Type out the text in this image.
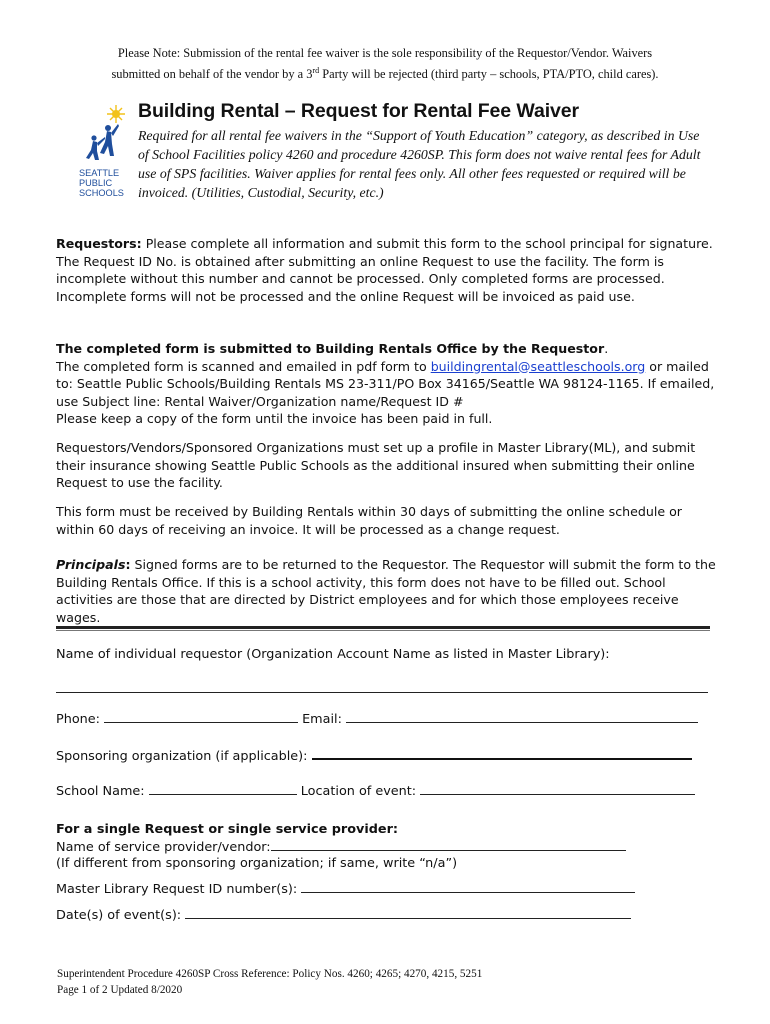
Please Note: Submission of the rental fee waiver is the sole responsibility of the Requestor/Vendor. Waivers
submitted on behalf of the vendor by a 3rd Party will be rejected (third party – schools, PTA/PTO, child cares).
SEATTLE
PUBLIC
SCHOOLS
Building Rental – Request for Rental Fee Waiver
Required for all rental fee waivers in the “Support of Youth Education” category, as described in Use of School Facilities policy 4260 and procedure 4260SP. This form does not waive rental fees for Adult use of SPS facilities. Waiver applies for rental fees only. All other fees requested or required will be invoiced. (Utilities, Custodial, Security, etc.)
Requestors: Please complete all information and submit this form to the school principal for signature. The Request ID No. is obtained after submitting an online Request to use the facility. The form is incomplete without this number and cannot be processed. Only completed forms are processed. Incomplete forms will not be processed and the online Request will be invoiced as paid use.
The completed form is submitted to Building Rentals Office by the Requestor.
The completed form is scanned and emailed in pdf form to buildingrental@seattleschools.org or mailed to: Seattle Public Schools/Building Rentals MS 23-311/PO Box 34165/Seattle WA 98124-1165. If emailed, use Subject line: Rental Waiver/Organization name/Request ID #
Please keep a copy of the form until the invoice has been paid in full.
Requestors/Vendors/Sponsored Organizations must set up a profile in Master Library(ML), and submit their insurance showing Seattle Public Schools as the additional insured when submitting their online Request to use the facility.
This form must be received by Building Rentals within 30 days of submitting the online schedule or within 60 days of receiving an invoice. It will be processed as a change request.
Principals: Signed forms are to be returned to the Requestor. The Requestor will submit the form to the Building Rentals Office. If this is a school activity, this form does not have to be filled out. School activities are those that are directed by District employees and for which those employees receive wages.
Name of individual requestor (Organization Account Name as listed in Master Library):
Phone:	Email:
Sponsoring organization (if applicable):
School Name:	Location of event:
For a single Request or single service provider:
Name of service provider/vendor:
(If different from sponsoring organization; if same, write “n/a”)
Master Library Request ID number(s):
Date(s) of event(s):
Superintendent Procedure 4260SP Cross Reference: Policy Nos. 4260; 4265; 4270, 4215, 5251
Page 1 of 2 Updated 8/2020
